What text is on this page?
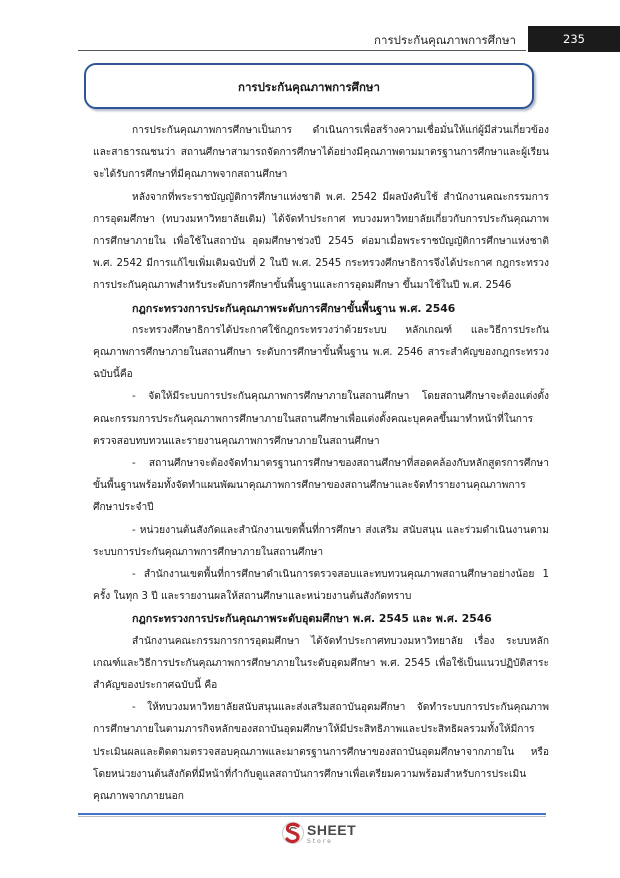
การประกันคุณภาพการศึกษา	235
การประกันคุณภาพการศึกษา

การประกันคุณภาพการศึกษาเป็นการ ดำเนินการเพื่อสร้างความเชื่อมั่นให้แก่ผู้มีส่วนเกี่ยวข้องและสาธารณชนว่า สถานศึกษาสามารถจัดการศึกษาได้อย่างมีคุณภาพตามมาตรฐานการศึกษาและผู้เรียนจะได้รับการศึกษาที่มีคุณภาพจากสถานศึกษา

หลังจากที่พระราชบัญญัติการศึกษาแห่งชาติ พ.ศ. 2542 มีผลบังคับใช้ สำนักงานคณะกรรมการการอุดมศึกษา (ทบวงมหาวิทยาลัยเดิม) ได้จัดทำประกาศ ทบวงมหาวิทยาลัยเกี่ยวกับการประกันคุณภาพการศึกษาภายใน เพื่อใช้ในสถาบัน อุดมศึกษาช่วงปี 2545 ต่อมาเมื่อพระราชบัญญัติการศึกษาแห่งชาติ พ.ศ. 2542 มีการแก้ไขเพิ่มเติมฉบับที่ 2 ในปี พ.ศ. 2545 กระทรวงศึกษาธิการจึงได้ประกาศ กฎกระทรวงการประกันคุณภาพสำหรับระดับการศึกษาขั้นพื้นฐานและการอุดมศึกษา ขึ้นมาใช้ในปี พ.ศ. 2546

กฎกระทรวงการประกันคุณภาพระดับการศึกษาขั้นพื้นฐาน พ.ศ. 2546

กระทรวงศึกษาธิการได้ประกาศใช้กฎกระทรวงว่าด้วยระบบ หลักเกณฑ์ และวิธีการประกันคุณภาพการศึกษาภายในสถานศึกษา ระดับการศึกษาขั้นพื้นฐาน พ.ศ. 2546 สาระสำคัญของกฎกระทรวงฉบับนี้คือ

- จัดให้มีระบบการประกันคุณภาพการศึกษาภายในสถานศึกษา โดยสถานศึกษาจะต้องแต่งตั้งคณะกรรมการประกันคุณภาพการศึกษาภายในสถานศึกษาเพื่อแต่งตั้งคณะบุคคลขึ้นมาทำหน้าที่ในการตรวจสอบทบทวนและรายงานคุณภาพการศึกษาภายในสถานศึกษา

- สถานศึกษาจะต้องจัดทำมาตรฐานการศึกษาของสถานศึกษาที่สอดคล้องกับหลักสูตรการศึกษาขั้นพื้นฐานพร้อมทั้งจัดทำแผนพัฒนาคุณภาพการศึกษาของสถานศึกษาและจัดทำรายงานคุณภาพการศึกษาประจำปี

- หน่วยงานต้นสังกัดและสำนักงานเขตพื้นที่การศึกษา ส่งเสริม สนับสนุน และร่วมดำเนินงานตามระบบการประกันคุณภาพการศึกษาภายในสถานศึกษา

- สำนักงานเขตพื้นที่การศึกษาดำเนินการตรวจสอบและทบทวนคุณภาพสถานศึกษาอย่างน้อย 1 ครั้ง ในทุก 3 ปี และรายงานผลให้สถานศึกษาและหน่วยงานต้นสังกัดทราบ

กฎกระทรวงการประกันคุณภาพระดับอุดมศึกษา พ.ศ. 2545 และ พ.ศ. 2546

สำนักงานคณะกรรมการการอุดมศึกษา ได้จัดทำประกาศทบวงมหาวิทยาลัย เรื่อง ระบบหลักเกณฑ์และวิธีการประกันคุณภาพการศึกษาภายในระดับอุดมศึกษา พ.ศ. 2545 เพื่อใช้เป็นแนวปฏิบัติสาระสำคัญของประกาศฉบับนี้ คือ

- ให้ทบวงมหาวิทยาลัยสนับสนุนและส่งเสริมสถาบันอุดมศึกษา จัดทำระบบการประกันคุณภาพการศึกษาภายในตามภารกิจหลักของสถาบันอุดมศึกษาให้มีประสิทธิภาพและประสิทธิผลรวมทั้งให้มีการประเมินผลและติดตามตรวจสอบคุณภาพและมาตรฐานการศึกษาของสถาบันอุดมศึกษาจากภายใน หรือโดยหน่วยงานต้นสังกัดที่มีหน้าที่กำกับดูแลสถาบันการศึกษาเพื่อเตรียมความพร้อมสำหรับการประเมินคุณภาพจากภายนอก

SHEET
Store
